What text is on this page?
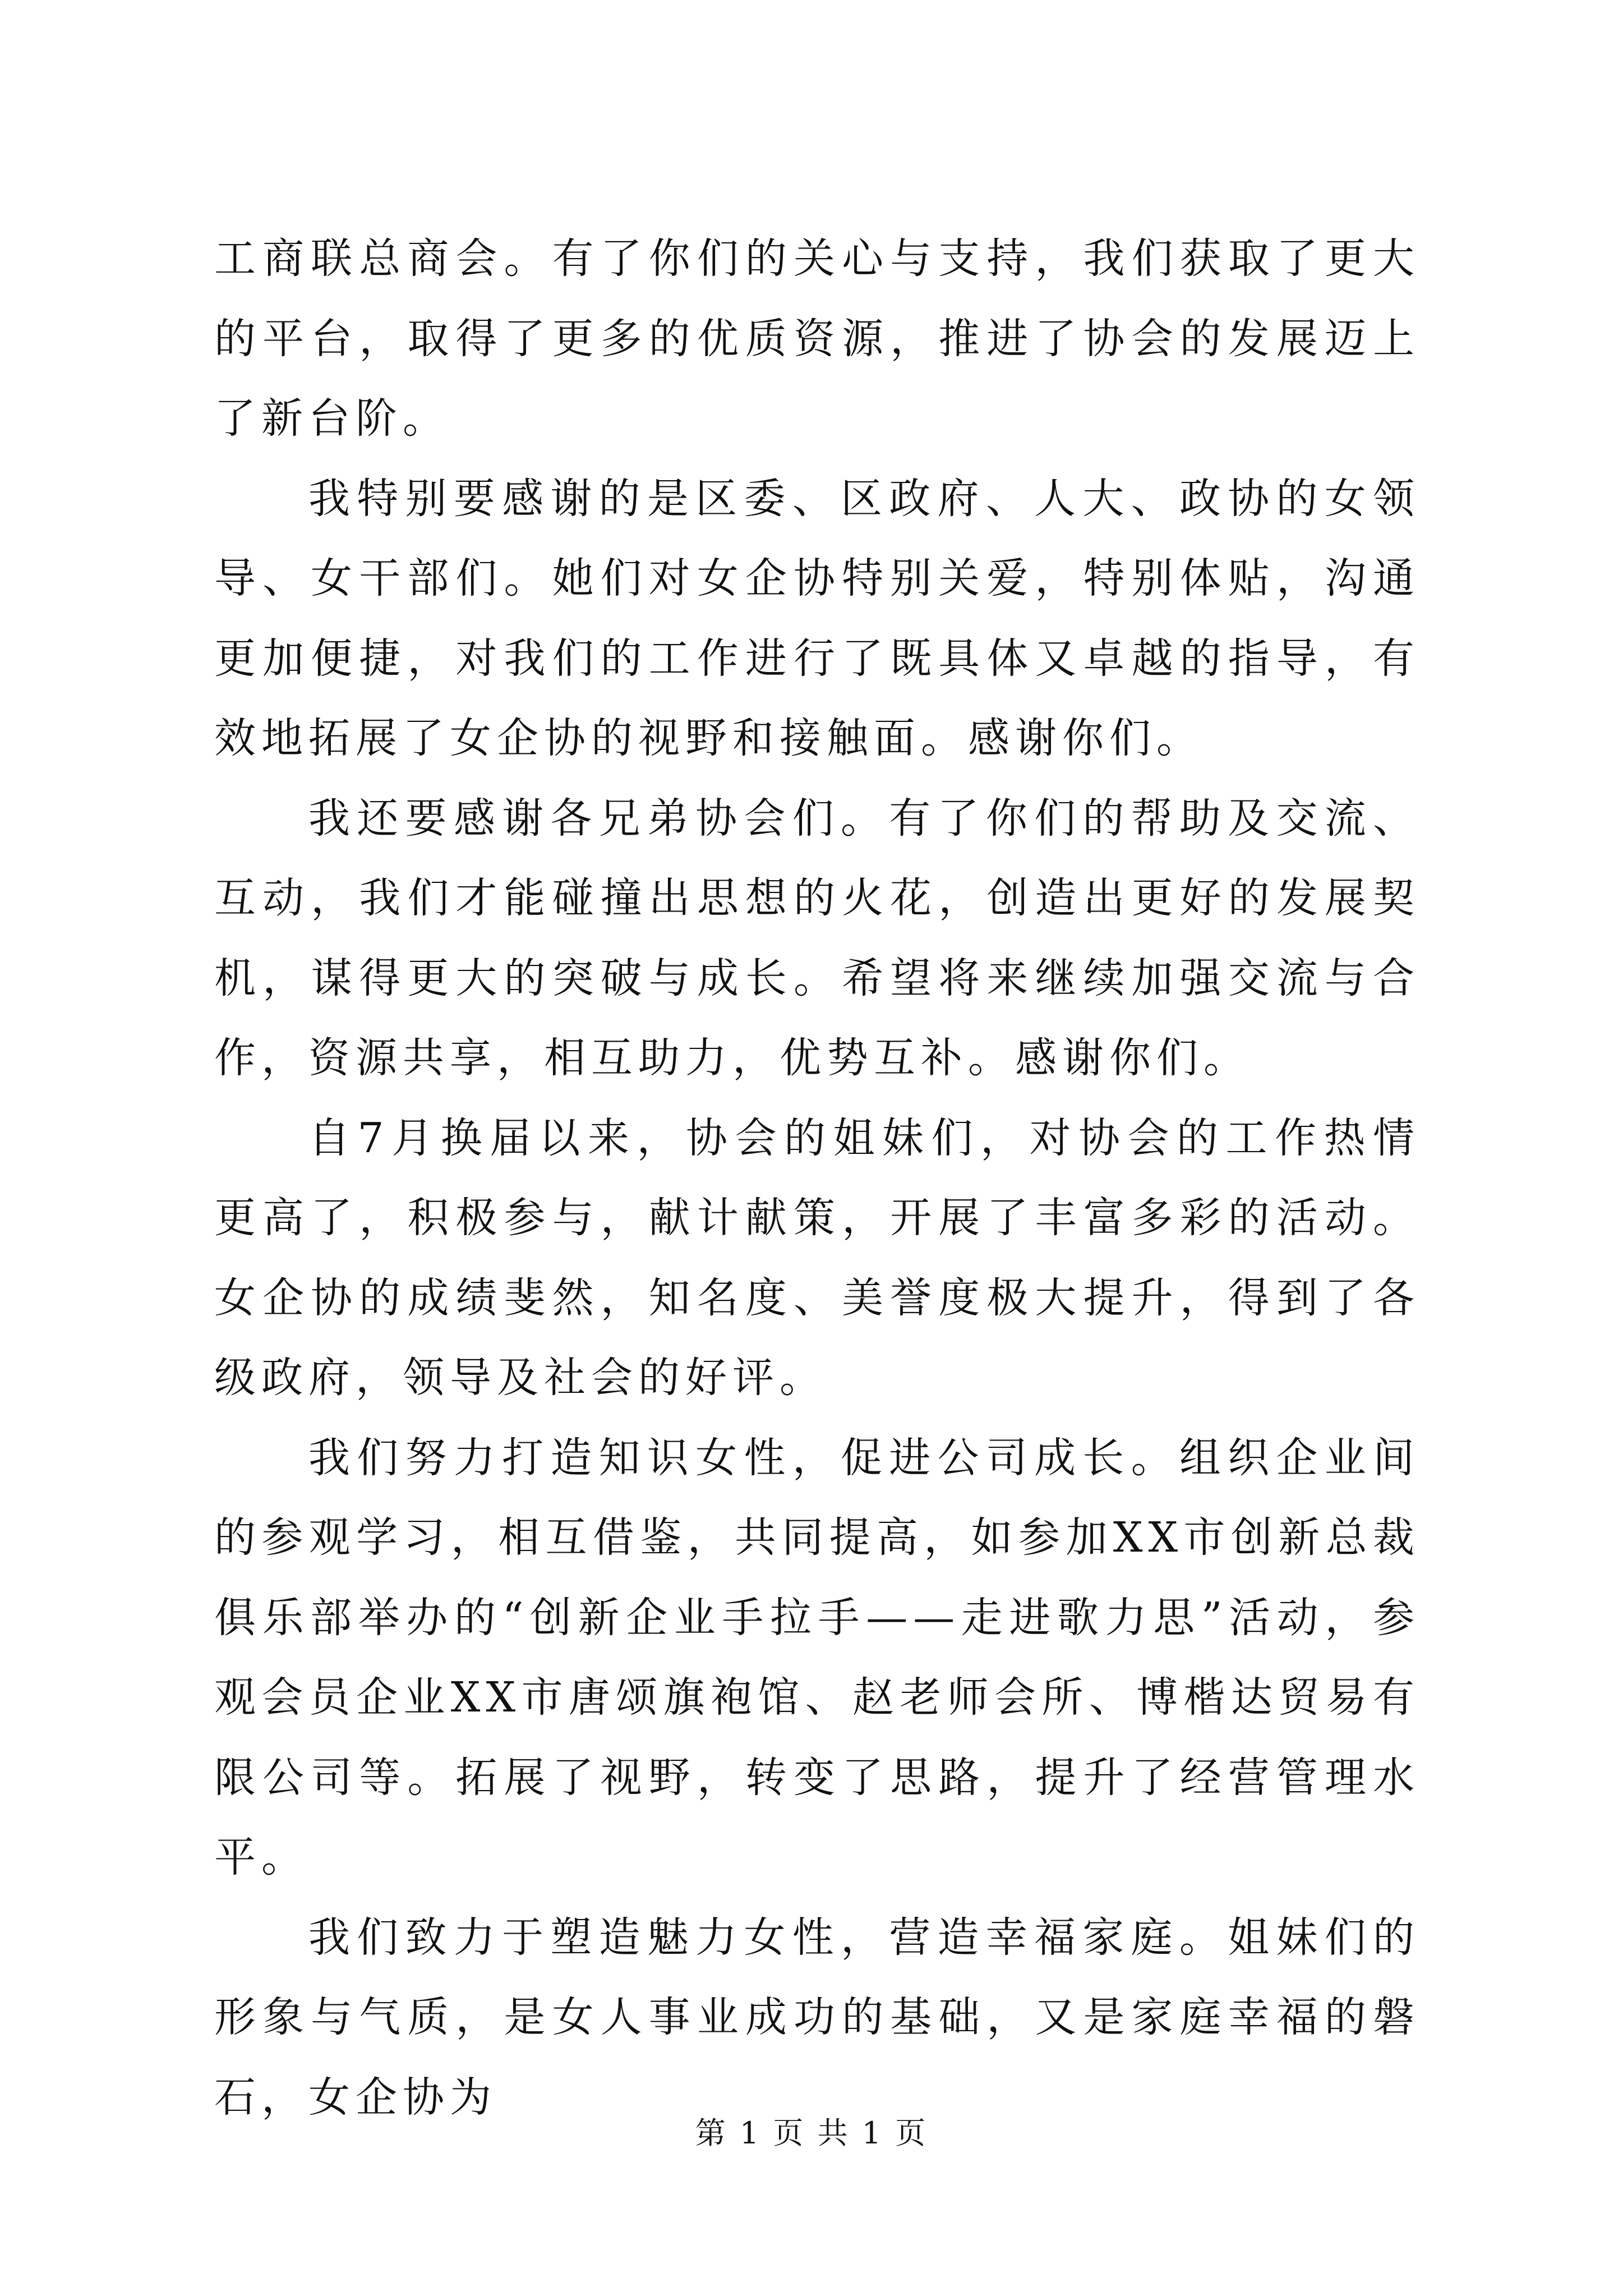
工商联总商会。有了你们的关心与支持，我们获取了更大的平台，取得了更多的优质资源，推进了协会的发展迈上了新台阶。

我特别要感谢的是区委、区政府、人大、政协的女领导、女干部们。她们对女企协特别关爱，特别体贴，沟通更加便捷，对我们的工作进行了既具体又卓越的指导，有效地拓展了女企协的视野和接触面。感谢你们。

我还要感谢各兄弟协会们。有了你们的帮助及交流、互动，我们才能碰撞出思想的火花，创造出更好的发展契机，谋得更大的突破与成长。希望将来继续加强交流与合作，资源共享，相互助力，优势互补。感谢你们。

自7月换届以来，协会的姐妹们，对协会的工作热情更高了，积极参与，献计献策，开展了丰富多彩的活动。女企协的成绩斐然，知名度、美誉度极大提升，得到了各级政府，领导及社会的好评。

我们努力打造知识女性，促进公司成长。组织企业间的参观学习，相互借鉴，共同提高，如参加XX市创新总裁俱乐部举办的“创新企业手拉手——走进歌力思”活动，参观会员企业XX市唐颂旗袍馆、赵老师会所、博楷达贸易有限公司等。拓展了视野，转变了思路，提升了经营管理水平。

我们致力于塑造魅力女性，营造幸福家庭。姐妹们的形象与气质，是女人事业成功的基础，又是家庭幸福的磐石，女企协为

第 1 页 共 1 页
